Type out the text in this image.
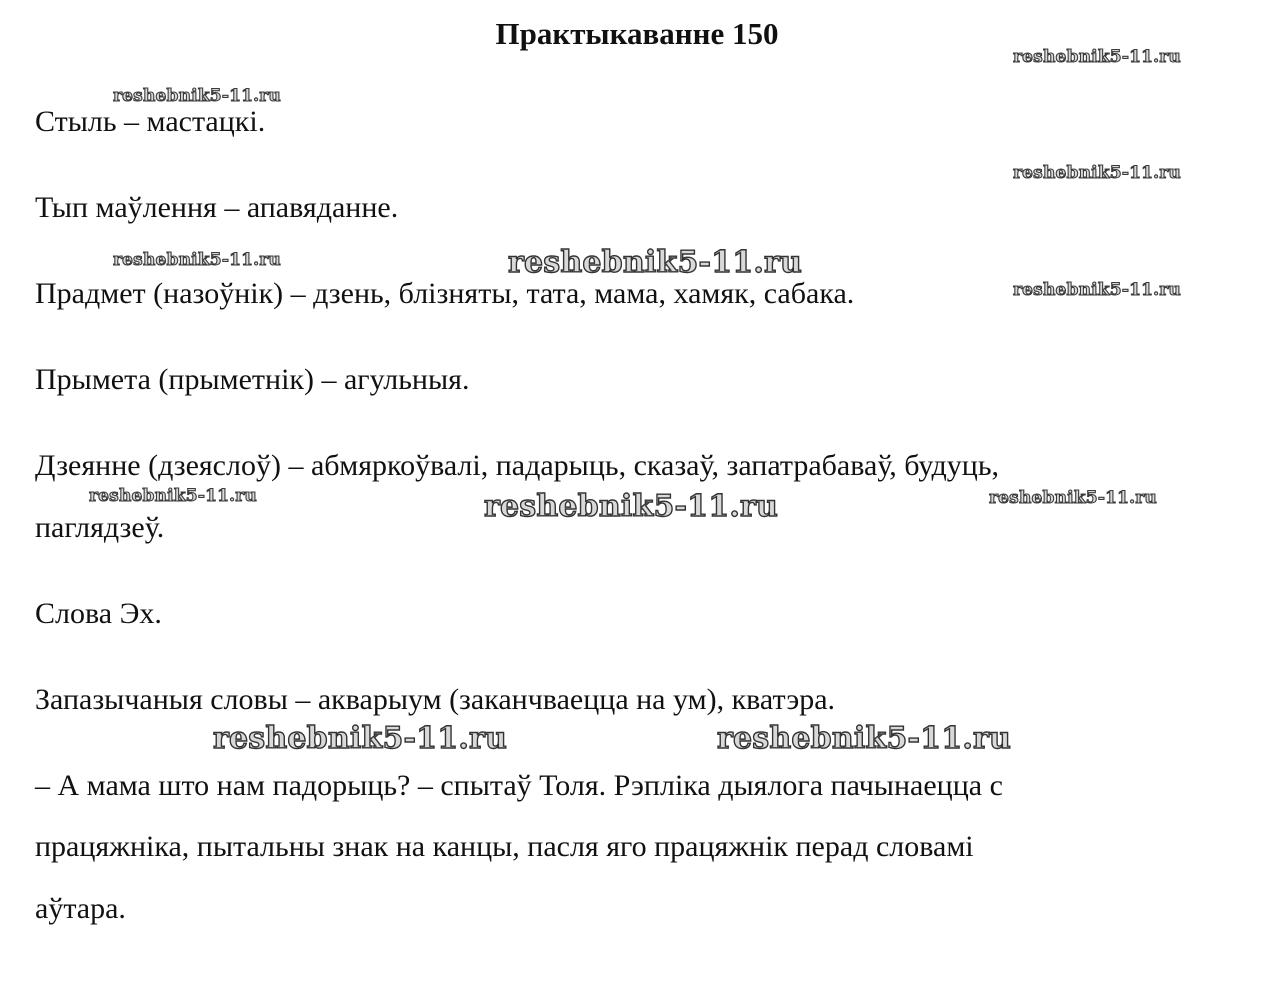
Практыкаванне 150
Стыль – мастацкі.
Тып маўлення – апавяданне.
Прадмет (назоўнік) – дзень, блізняты, тата, мама, хамяк, сабака.
Прымета (прыметнік) – агульныя.
Дзеянне (дзеяслоў) – абмяркоўвалі, падарыць, сказаў, запатрабаваў, будуць,
паглядзеў.
Слова Эх.
Запазычаныя словы – акварыум (заканчваецца на ум), кватэра.
– А мама што нам падорыць? – спытаў Толя. Рэпліка дыялога пачынаецца с
працяжніка, пытальны знак на канцы, пасля яго працяжнік перад словамі
аўтара.
reshebnik5-11.ru
reshebnik5-11.ru
reshebnik5-11.ru
reshebnik5-11.ru	reshebnik5-11.ru
reshebnik5-11.ru
reshebnik5-11.ru	reshebnik5-11.ru	reshebnik5-11.ru
reshebnik5-11.ru	reshebnik5-11.ru
